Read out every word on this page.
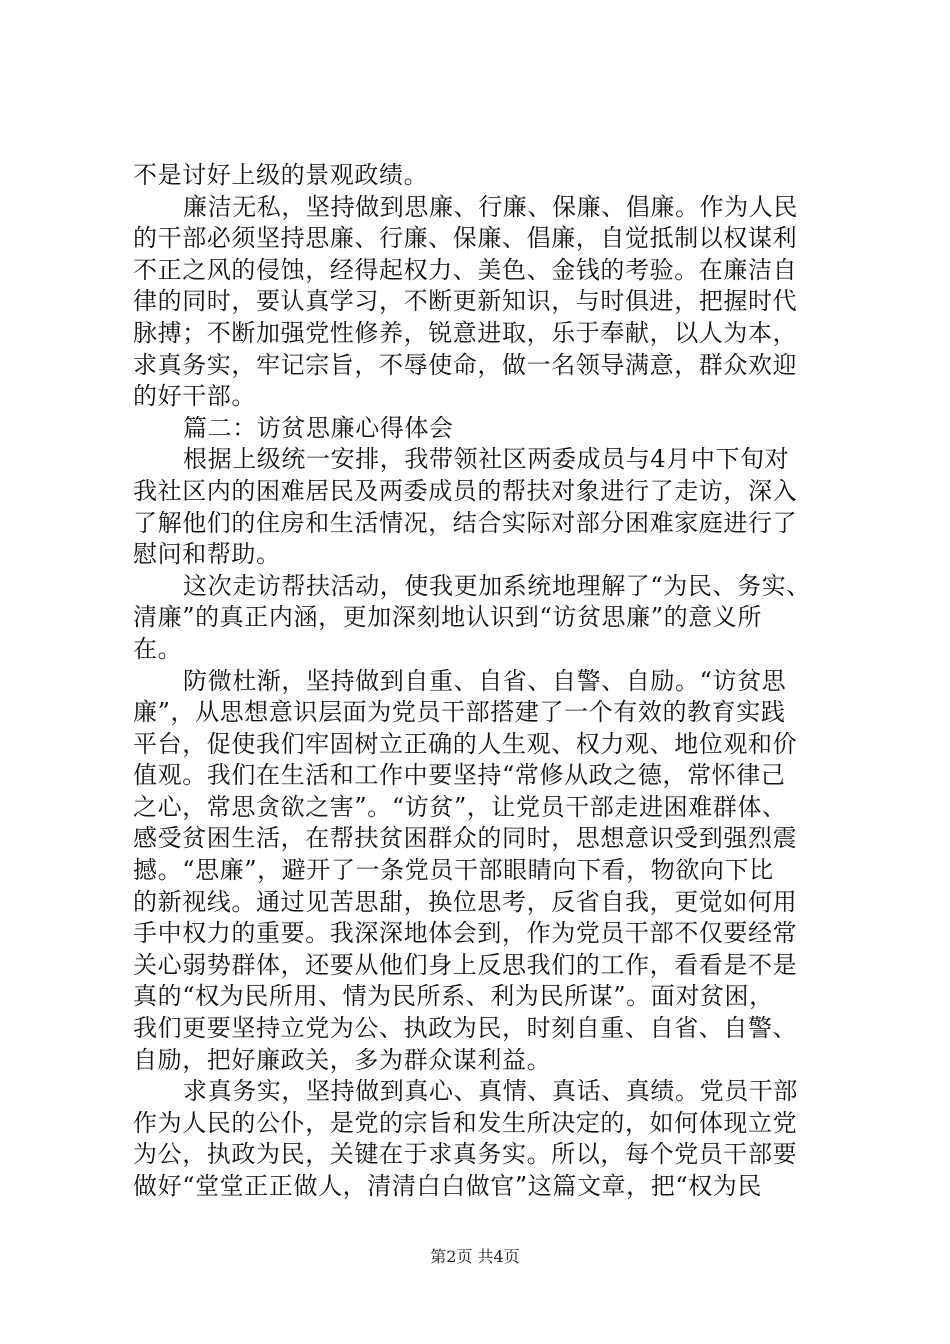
不是讨好上级的景观政绩。
廉洁无私，坚持做到思廉、行廉、保廉、倡廉。作为人民
的干部必须坚持思廉、行廉、保廉、倡廉，自觉抵制以权谋利
不正之风的侵蚀，经得起权力、美色、金钱的考验。在廉洁自
律的同时，要认真学习，不断更新知识，与时俱进，把握时代
脉搏；不断加强党性修养，锐意进取，乐于奉献，以人为本，
求真务实，牢记宗旨，不辱使命，做一名领导满意，群众欢迎
的好干部。
篇二：访贫思廉心得体会
根据上级统一安排，我带领社区两委成员与4月中下旬对
我社区内的困难居民及两委成员的帮扶对象进行了走访，深入
了解他们的住房和生活情况，结合实际对部分困难家庭进行了
慰问和帮助。
这次走访帮扶活动，使我更加系统地理解了“为民、务实、
清廉”的真正内涵，更加深刻地认识到“访贫思廉”的意义所
在。
防微杜渐，坚持做到自重、自省、自警、自励。“访贫思
廉”，从思想意识层面为党员干部搭建了一个有效的教育实践
平台，促使我们牢固树立正确的人生观、权力观、地位观和价
值观。我们在生活和工作中要坚持“常修从政之德，常怀律己
之心，常思贪欲之害”。“访贫”，让党员干部走进困难群体、
感受贫困生活，在帮扶贫困群众的同时，思想意识受到强烈震
撼。“思廉”，避开了一条党员干部眼睛向下看，物欲向下比
的新视线。通过见苦思甜，换位思考，反省自我，更觉如何用
手中权力的重要。我深深地体会到，作为党员干部不仅要经常
关心弱势群体，还要从他们身上反思我们的工作，看看是不是
真的“权为民所用、情为民所系、利为民所谋”。面对贫困，
我们更要坚持立党为公、执政为民，时刻自重、自省、自警、
自励，把好廉政关，多为群众谋利益。
求真务实，坚持做到真心、真情、真话、真绩。党员干部
作为人民的公仆，是党的宗旨和发生所决定的，如何体现立党
为公，执政为民，关键在于求真务实。所以，每个党员干部要
做好“堂堂正正做人，清清白白做官”这篇文章，把“权为民
第2页 共4页
